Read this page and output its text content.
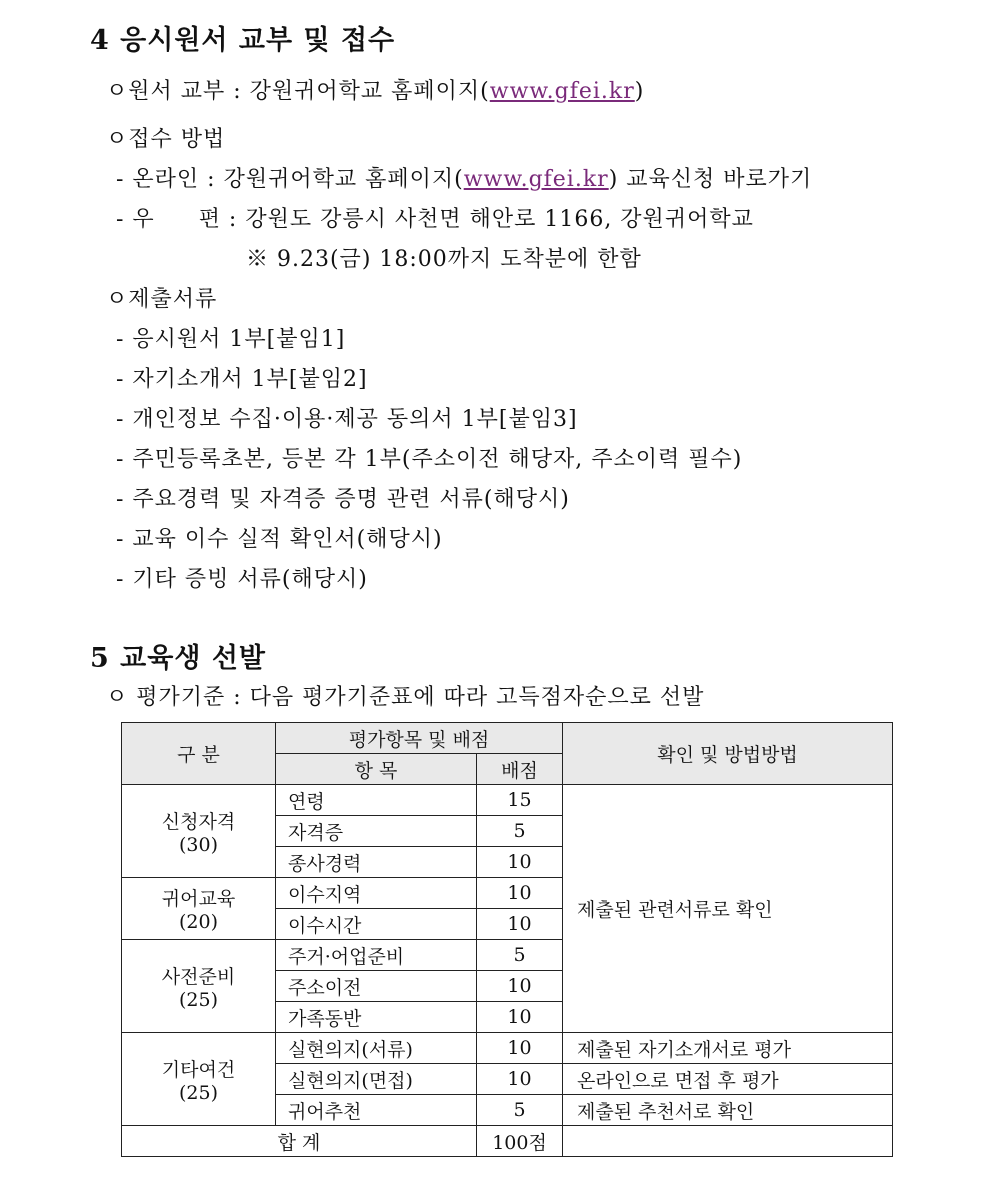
4 응시원서 교부 및 접수
ㅇ원서 교부 : 강원귀어학교 홈페이지(www.gfei.kr)
ㅇ접수 방법
- 온라인 : 강원귀어학교 홈페이지(www.gfei.kr) 교육신청 바로가기
- 우 편 : 강원도 강릉시 사천면 해안로 1166, 강원귀어학교
※ 9.23(금) 18:00까지 도착분에 한함
ㅇ제출서류
- 응시원서 1부[붙임1]
- 자기소개서 1부[붙임2]
- 개인정보 수집·이용·제공 동의서 1부[붙임3]
- 주민등록초본, 등본 각 1부(주소이전 해당자, 주소이력 필수)
- 주요경력 및 자격증 증명 관련 서류(해당시)
- 교육 이수 실적 확인서(해당시)
- 기타 증빙 서류(해당시)
5 교육생 선발
ㅇ 평가기준 : 다음 평가기준표에 따라 고득점자순으로 선발
구 분	평가항목 및 배점		확인 및 방법방법
	항 목	배점	
신청자격
(30)	연령	15	제출된 관련서류로 확인
	자격증	5	
	종사경력	10	
귀어교육
(20)	이수지역	10	
	이수시간	10	
사전준비
(25)	주거·어업준비	5	
	주소이전	10	
	가족동반	10	
기타여건
(25)	실현의지(서류)	10	제출된 자기소개서로 평가
	실현의지(면접)	10	온라인으로 면접 후 평가
	귀어추천	5	제출된 추천서로 확인
합 계		100점	
